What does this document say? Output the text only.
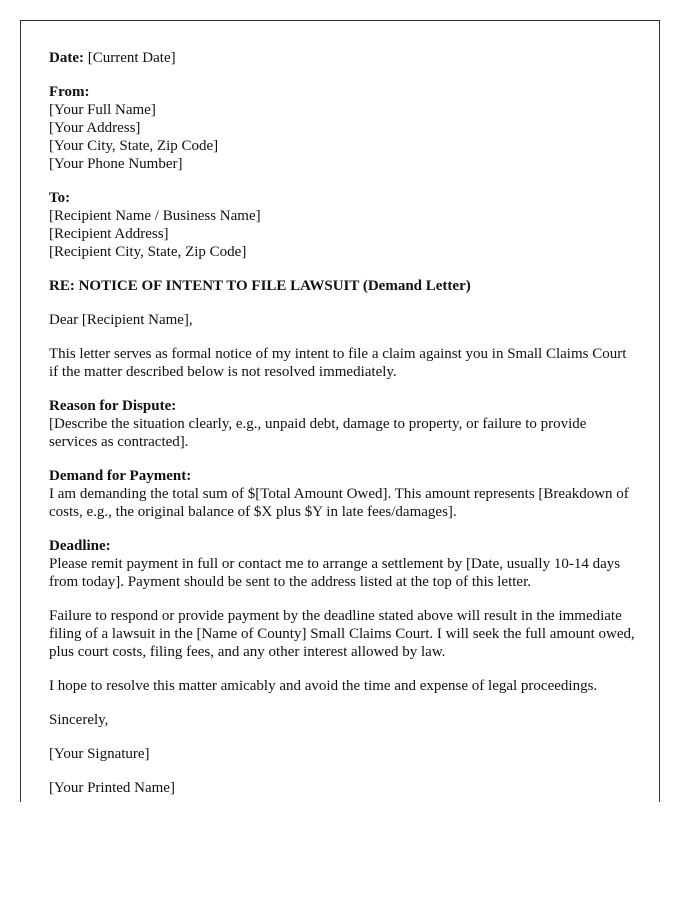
Date: [Current Date]

From:
[Your Full Name]
[Your Address]
[Your City, State, Zip Code]
[Your Phone Number]

To:
[Recipient Name / Business Name]
[Recipient Address]
[Recipient City, State, Zip Code]

RE: NOTICE OF INTENT TO FILE LAWSUIT (Demand Letter)

Dear [Recipient Name],

This letter serves as formal notice of my intent to file a claim against you in Small Claims Court if the matter described below is not resolved immediately.

Reason for Dispute:
[Describe the situation clearly, e.g., unpaid debt, damage to property, or failure to provide services as contracted].

Demand for Payment:
I am demanding the total sum of $[Total Amount Owed]. This amount represents [Breakdown of costs, e.g., the original balance of $X plus $Y in late fees/damages].

Deadline:
Please remit payment in full or contact me to arrange a settlement by [Date, usually 10-14 days from today]. Payment should be sent to the address listed at the top of this letter.

Failure to respond or provide payment by the deadline stated above will result in the immediate filing of a lawsuit in the [Name of County] Small Claims Court. I will seek the full amount owed, plus court costs, filing fees, and any other interest allowed by law.

I hope to resolve this matter amicably and avoid the time and expense of legal proceedings.

Sincerely,

[Your Signature]

[Your Printed Name]
